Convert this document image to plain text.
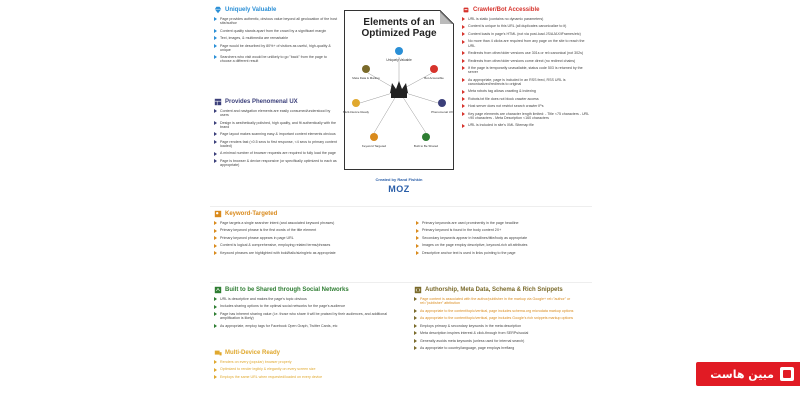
Uniquely Valuable
Page provides authentic, obvious value beyond all geolocation of the host site/author
Content quality stands apart from the crowd by a significant margin
Text, images, & multimedia are remarkable
Page would be described by 80%+ of visitors as useful, high-quality & unique
Searchers who visit would be unlikely to go "back" from the page to choose a different result
Provides Phenomenal UX
Content and navigation elements are easily consumed/understood by users
Design is aesthetically polished, high quality, and fit authentically with the brand
Page layout makes scanning easy & important content elements obvious
Page renders fast (<0.5 secs to first response, <4 secs to primary content loaded)
A minimal number of browser requests are required to fully load the page
Page is browser & device responsive (or specifically optimized to each as appropriate)
Elements of an
Optimized Page
Uniquely Valuable
Meta Data & Markup	Bot Accessible
Multi-Device Ready	Phenomenal UX
Keyword Targeted	Built to Be Shared
Created by Rand Fishkin
MOZ
Crawler/Bot Accessible
URL is static (contains no dynamic parameters)
Content is unique to this URL (all duplicates canonicalize to it)
Content loads in page's HTML (not via post-load JS/AJAX/iFrames/etc)
No more than 4 clicks are required from any page on the site to reach the URL
Redirects from other/older versions use 301s or rel=canonical (not 302s)
Redirects from other/older versions come direct (no redirect chains)
If the page is temporarily unavailable, status code 503 is returned by the server
As appropriate, page is included in an RSS feed, RSS URL is canonicalized/redirects to original
Meta robots tag allows crawling & indexing
Robots.txt file does not block crawler access
Host server does not restrict search crawler IPs
Key page elements are character length limited: - Title <75 characters - URL <90 characters - Meta Description <160 characters
URL is included in site's XML Sitemap file
Keyword-Targeted
Page targets a single searcher intent (and associated keyword phrases)
Primary keyword phrase is the first words of the title element
Primary keyword phrase appears in page URL
Content is logical & comprehensive, employing related terms/phrases
Keyword phrases are highlighted with bold/italic/sizing/etc as appropriate
Primary keywords are used prominently in the page headline
Primary keyword is found in the body content 2X+
Secondary keywords appear in headlines/title/body as appropriate
Images on the page employ descriptive, keyword-rich alt attributes
Descriptive anchor text is used in links pointing to the page
Built to be Shared through Social Networks
URL is descriptive and makes the page's topic obvious
Includes sharing options to the optimal social networks for the page's audience
Page has inherent sharing value (i.e. those who share it will be praised by their audiences, and additional amplification is likely)
As appropriate, employ tags for Facebook Open Graph, Twitter Cards, etc
Multi-Device Ready
Renders on every (popular) browser properly
Optimized to render legibly & elegantly on every screen size
Employs the same URL when requested/loaded on every device
Authorship, Meta Data, Schema & Rich Snippets
Page content is associated with the author/publisher in the markup via Google+ rel="author" or rel="publisher" attribution
As appropriate to the content/topic/vertical, page includes schema.org microdata markup options
As appropriate to the content/topic/vertical, page includes Google's rich snippets markup options
Employs primary & secondary keywords in the meta description
Meta description inspires interest & click-through from SERPs/social
Generally avoids meta keywords (unless used for internal search)
As appropriate to country/language, page employs hreflang
مبین هاست
